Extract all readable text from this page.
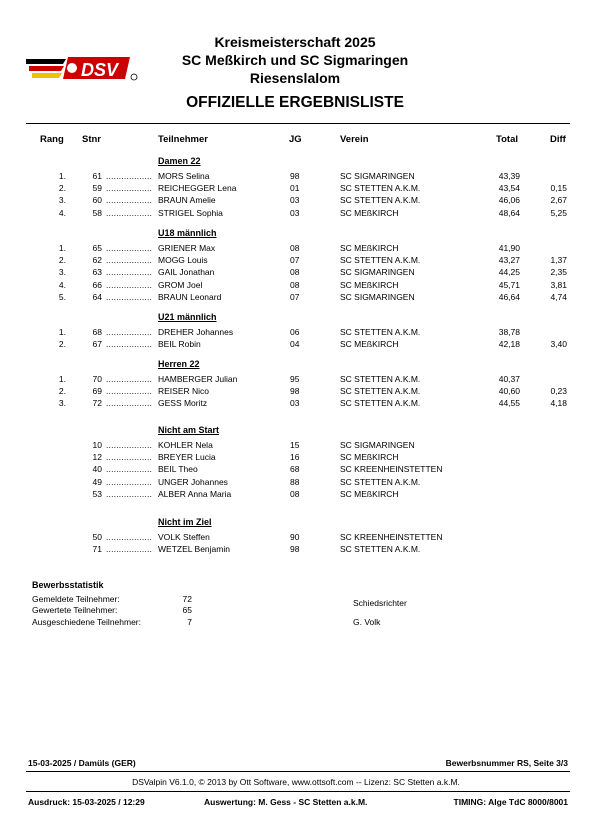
DSV
Kreismeisterschaft 2025
SC Meßkirch und SC Sigmaringen
Riesenslalom
OFFIZIELLE ERGEBNISLISTE
Rang Stnr	Teilnehmer	JG	Verein	Total	Diff
Damen 22
1.	61 .................. MORS Selina	98	SC SIGMARINGEN	43,39
2.	59 .................. REICHEGGER Lena	01	SC STETTEN A.K.M.	43,54	0,15
3.	60 .................. BRAUN Amelie	03	SC STETTEN A.K.M.	46,06	2,67
4.	58 .................. STRIGEL Sophia	03	SC MEßKIRCH	48,64	5,25
U18 männlich
1.	65 .................. GRIENER Max	08	SC MEßKIRCH	41,90
2.	62 .................. MOGG Louis	07	SC STETTEN A.K.M.	43,27	1,37
3.	63 .................. GAIL Jonathan	08	SC SIGMARINGEN	44,25	2,35
4.	66 .................. GROM Joel	08	SC MEßKIRCH	45,71	3,81
5.	64 .................. BRAUN Leonard	07	SC SIGMARINGEN	46,64	4,74
U21 männlich
1.	68 .................. DREHER Johannes	06	SC STETTEN A.K.M.	38,78
2.	67 .................. BEIL Robin	04	SC MEßKIRCH	42,18	3,40
Herren 22
1.	70 .................. HAMBERGER Julian	95	SC STETTEN A.K.M.	40,37
2.	69 .................. REISER Nico	98	SC STETTEN A.K.M.	40,60	0,23
3.	72 .................. GESS Moritz	03	SC STETTEN A.K.M.	44,55	4,18
Nicht am Start
10 .................. KOHLER Nela	15	SC SIGMARINGEN
12 .................. BREYER Lucia	16	SC MEßKIRCH
40 .................. BEIL Theo	68	SC KREENHEINSTETTEN
49 .................. UNGER Johannes	88	SC STETTEN A.K.M.
53 .................. ALBER Anna Maria	08	SC MEßKIRCH
Nicht im Ziel
50 .................. VOLK Steffen	90	SC KREENHEINSTETTEN
71 .................. WETZEL Benjamin	98	SC STETTEN A.K.M.
Bewerbsstatistik
Gemeldete Teilnehmer:	72
Gewertete Teilnehmer:	65
Ausgeschiedene Teilnehmer:	7
Schiedsrichter
G. Volk
15-03-2025 / Damüls (GER)	Bewerbsnummer RS, Seite 3/3
DSValpin V6.1.0, © 2013 by Ott Software, www.ottsoft.com -- Lizenz: SC Stetten a.k.M.
Ausdruck: 15-03-2025 / 12:29	Auswertung: M. Gess - SC Stetten a.k.M.	TIMING: Alge TdC 8000/8001
